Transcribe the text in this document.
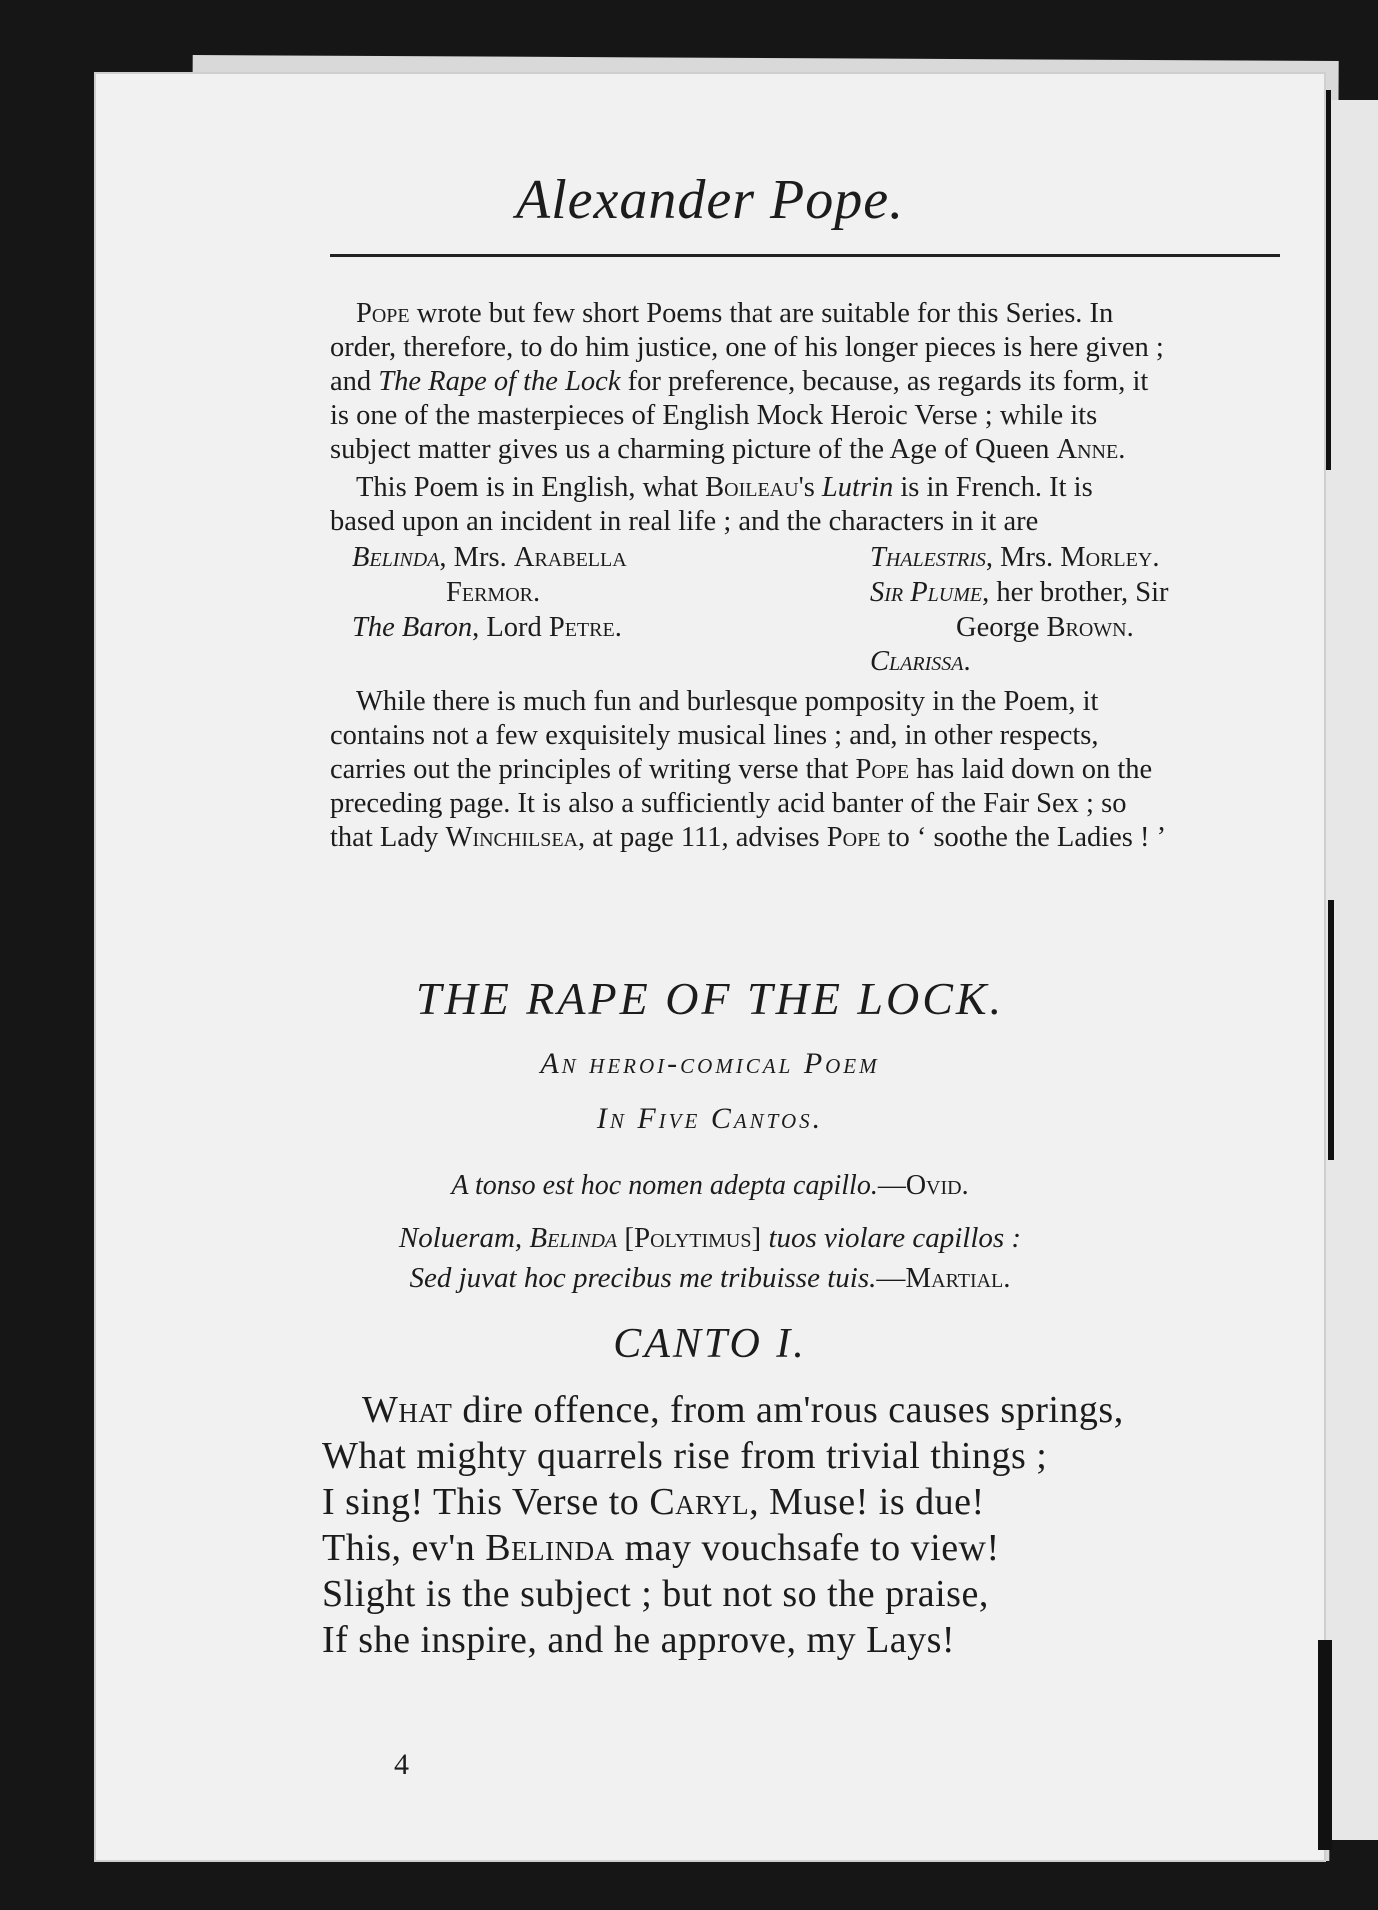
Alexander Pope.
Pope wrote but few short Poems that are suitable for this Series. In
order, therefore, to do him justice, one of his longer pieces is here given ;
and The Rape of the Lock for preference, because, as regards its form, it
is one of the masterpieces of English Mock Heroic Verse ; while its
subject matter gives us a charming picture of the Age of Queen Anne.
This Poem is in English, what Boileau's Lutrin is in French. It is
based upon an incident in real life ; and the characters in it are
Belinda, Mrs. Arabella
Fermor.
The Baron, Lord Petre.
Thalestris, Mrs. Morley.
Sir Plume, her brother, Sir
George Brown.
Clarissa.
While there is much fun and burlesque pomposity in the Poem, it
contains not a few exquisitely musical lines ; and, in other respects,
carries out the principles of writing verse that Pope has laid down on the
preceding page. It is also a sufficiently acid banter of the Fair Sex ; so
that Lady Winchilsea, at page 111, advises Pope to ‘ soothe the Ladies ! ’
THE RAPE OF THE LOCK.
An heroi-comical Poem
In Five Cantos.
A tonso est hoc nomen adepta capillo.—Ovid.
Nolueram, Belinda [Polytimus] tuos violare capillos :
Sed juvat hoc precibus me tribuisse tuis.—Martial.
CANTO I.
What dire offence, from am'rous causes springs,
What mighty quarrels rise from trivial things ;
I sing! This Verse to Caryl, Muse! is due!
This, ev'n Belinda may vouchsafe to view!
Slight is the subject ; but not so the praise,
If she inspire, and he approve, my Lays!
4
